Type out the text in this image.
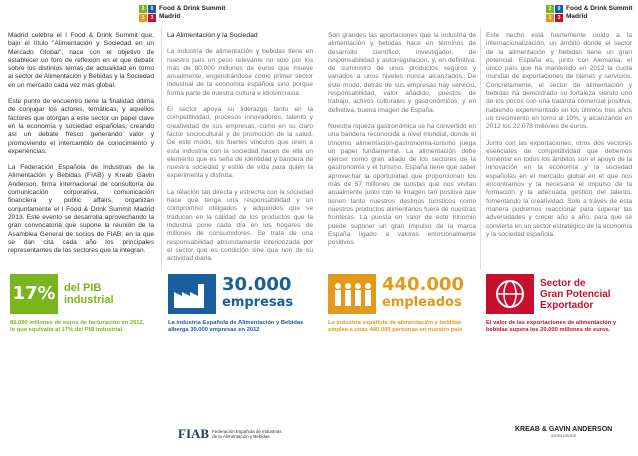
2	0
1	3
Food & Drink Summit
Madrid
2	0
1	3
Food & Drink Summit
Madrid

Madrid celebra el I Food & Drink Summit que, bajo el título "Alimentación y Sociedad en un Mercado Global", nace con el objetivo de establecer un foro de reflexión en el que debatir sobre los distintos temas de actualidad en torno al sector de Alimentación y Bebidas y la Sociedad en un mercado cada vez más global.

Este punto de encuentro tiene la finalidad última de conjugar los actores, temáticas, y aquellos factores que otorgan a este sector un papel clave en la economía y sociedad españolas, creando así un debate fresco generando valor y promoviendo el intercambio de conocimiento y experiencias.

La Federación Española de Industrias de la Alimentación y Bebidas (FIAB) y Kreab Gavin Anderson, firma internacional de consultoría de comunicación corporativa, comunicación financiera y public affairs, organizan conjuntamente el I Food & Drink Summit Madrid 2013. Este evento se desarrolla aprovechando la gran convocatoria que supone la reunión de la Asamblea General de socios de FIAB, en la que se dan cita cada año los principales representantes de los sectores que la integran.

La Alimentación y la Sociedad

La industria de alimentación y bebidas tiene en nuestro país un peso relevante no sólo por los más de 80.000 millones de euros que mueve anualmente, engendrándose como primer sector industrial de la economía española sino porque forma parte de nuestra cultura e idiosincrasia.

El sector apoya su liderazgo tanto en la competitividad, procesos innovadores, talento y creatividad de sus empresas, como en su claro factor sociocultural y de promoción de la salud. De este modo, los fuertes vínculos que unen a esta industria con la sociedad hacen de ella un elemento que es seña de identidad y bandera de nuestra sociedad y estilo de vida para quien la experimenta y disfruta.

La relación tan directa y estrecha con la sociedad hace que tenga una responsabilidad y un compromiso obligados y adquiridos que se traducen en la calidad de los productos que la industria pone cada día en los hogares de millones de consumidores. Se trata de una responsabilidad absolutamente interiorizada por el sector que es condición sine qua non de su actividad diaria.

Son grandes las aportaciones que la industria de alimentación y bebidas hace en términos de desarrollo científico, investigador, de responsabilidad y autorregulación, y, en definitiva, de suministro de unos productos seguros y variados a unos niveles nunca alcanzados. De este modo, detrás de sus empresas hay servicio, responsabilidad, valor añadido, puestos de trabajo, activos culturales y gastronómicos, y en definitiva, buena imagen de España.

Nuestra riqueza gastronómica se ha convertido en una bandera reconocida a nivel mundial, donde el trinomio alimentación-gastronomía-turismo juega un papel fundamental. La alimentación debe ejercer como gran aliado de los sectores de la gastronomía y el turismo. España tiene que saber aprovechar la oportunidad que proporcionan los más de 57 millones de turistas que nos visitan anualmente junto con la imagen tan positiva que tienen tanto nuestros destinos turísticos como nuestros productos alimentarios fuera de nuestras fronteras. La puesta en valor de este trinomio puede suponer un gran impulso de la marca España ligado a valores emocionalmente positivos.

Este hecho está fuertemente unido a la internacionalización, un ámbito donde el sector de la alimentación y bebidas tiene un gran potencial. España es, junto con Alemania, el único país que ha mantenido en 2012 la cuota mundial de exportaciones de bienes y servicios. Concretamente, el sector de alimentación y bebidas ha demostrado su fortaleza siendo uno de los pocos con una balanza comercial positiva, habiendo experimentado en los últimos tres años un crecimiento en torno al 10%, y alcanzando en 2012 los 22.078 millones de euros.

Junto con las exportaciones, otros dos vectores esenciales de competitividad que debemos fomentar en todos los ámbitos son el apoyo de la innovación en la economía y la sociedad españolas en el mercado global en el que nos encontramos y la necesaria el impulso de la formación y la adecuada gestión del talento, fomentando la creatividad. Solo a través de esta manera podremos reaccionar para superar las adversidades y crecer año a año, para que se convierta en un sector estratégico de la economía y la sociedad española.

17% del PIB industrial
86.000 millones de euros de facturación en 2012, lo que equivalía al 17% del PIB industrial.
30.000
empresas
La industria Española de Alimentación y Bebidas alberga 30.000 empresas en 2012
440.000
empleados
La industria española de alimentación y bebidas emplea a unas 440.000 personas en nuestro país
Sector de
Gran Potencial Exportador
El valor de las exportaciones de alimentación y bebidas supera los 20.000 millones de euros.
FIAB Federación Española de Industrias
de la Alimentación y Bebidas
KREAB & GAVIN ANDERSON
WORLDWIDE
